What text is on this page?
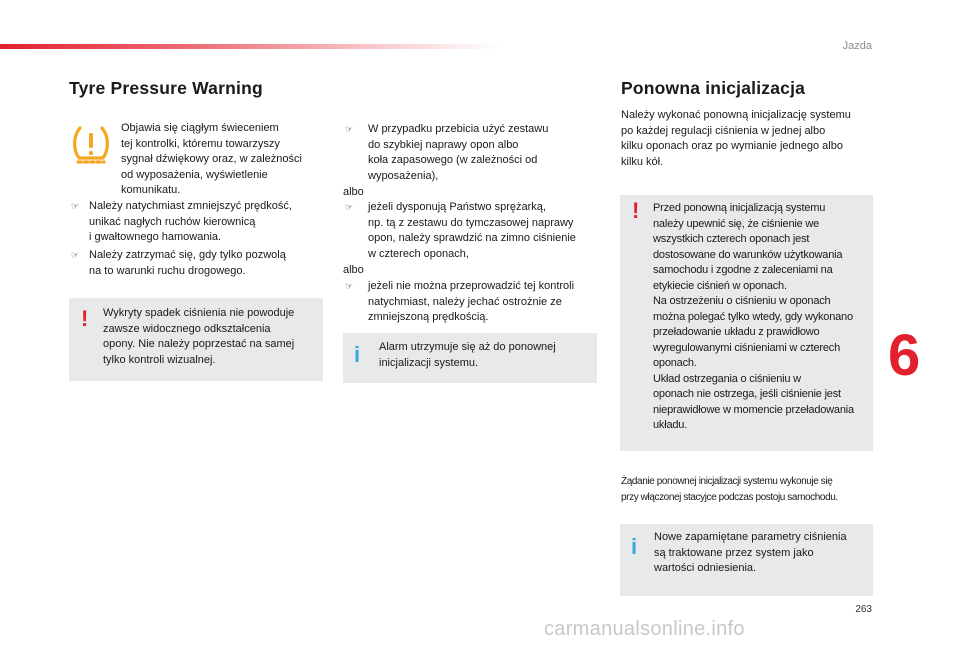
Jazda
263
6
Tyre Pressure Warning
Objawia się ciągłym świeceniem
tej kontrolki, któremu towarzyszy
sygnał dźwiękowy oraz, w zależności
od wyposażenia, wyświetlenie
komunikatu.
☞ Należy natychmiast zmniejszyć prędkość,
unikać nagłych ruchów kierownicą
i gwałtownego hamowania.
☞ Należy zatrzymać się, gdy tylko pozwolą
na to warunki ruchu drogowego.
! Wykryty spadek ciśnienia nie powoduje
zawsze widocznego odkształcenia
opony. Nie należy poprzestać na samej
tylko kontroli wizualnej.
☞ W przypadku przebicia użyć zestawu
do szybkiej naprawy opon albo
koła zapasowego (w zależności od
wyposażenia),
albo
☞ jeżeli dysponują Państwo sprężarką,
np. tą z zestawu do tymczasowej naprawy
opon, należy sprawdzić na zimno ciśnienie
w czterech oponach,
albo
☞ jeżeli nie można przeprowadzić tej kontroli
natychmiast, należy jechać ostrożnie ze
zmniejszoną prędkością.
i Alarm utrzymuje się aż do ponownej
inicjalizacji systemu.
Ponowna inicjalizacja
Należy wykonać ponowną inicjalizację systemu
po każdej regulacji ciśnienia w jednej albo
kilku oponach oraz po wymianie jednego albo
kilku kół.
! Przed ponowną inicjalizacją systemu
należy upewnić się, że ciśnienie we
wszystkich czterech oponach jest
dostosowane do warunków użytkowania
samochodu i zgodne z zaleceniami na
etykiecie ciśnień w oponach.
Na ostrzeżeniu o ciśnieniu w oponach
można polegać tylko wtedy, gdy wykonano
przeładowanie układu z prawidłowo
wyregulowanymi ciśnieniami w czterech
oponach.
Układ ostrzegania o ciśnieniu w
oponach nie ostrzega, jeśli ciśnienie jest
nieprawidłowe w momencie przeładowania
układu.
Żądanie ponownej inicjalizacji systemu wykonuje się
przy włączonej stacyjce podczas postoju samochodu.
i Nowe zapamiętane parametry ciśnienia
są traktowane przez system jako
wartości odniesienia.
carmanualsonline.info
